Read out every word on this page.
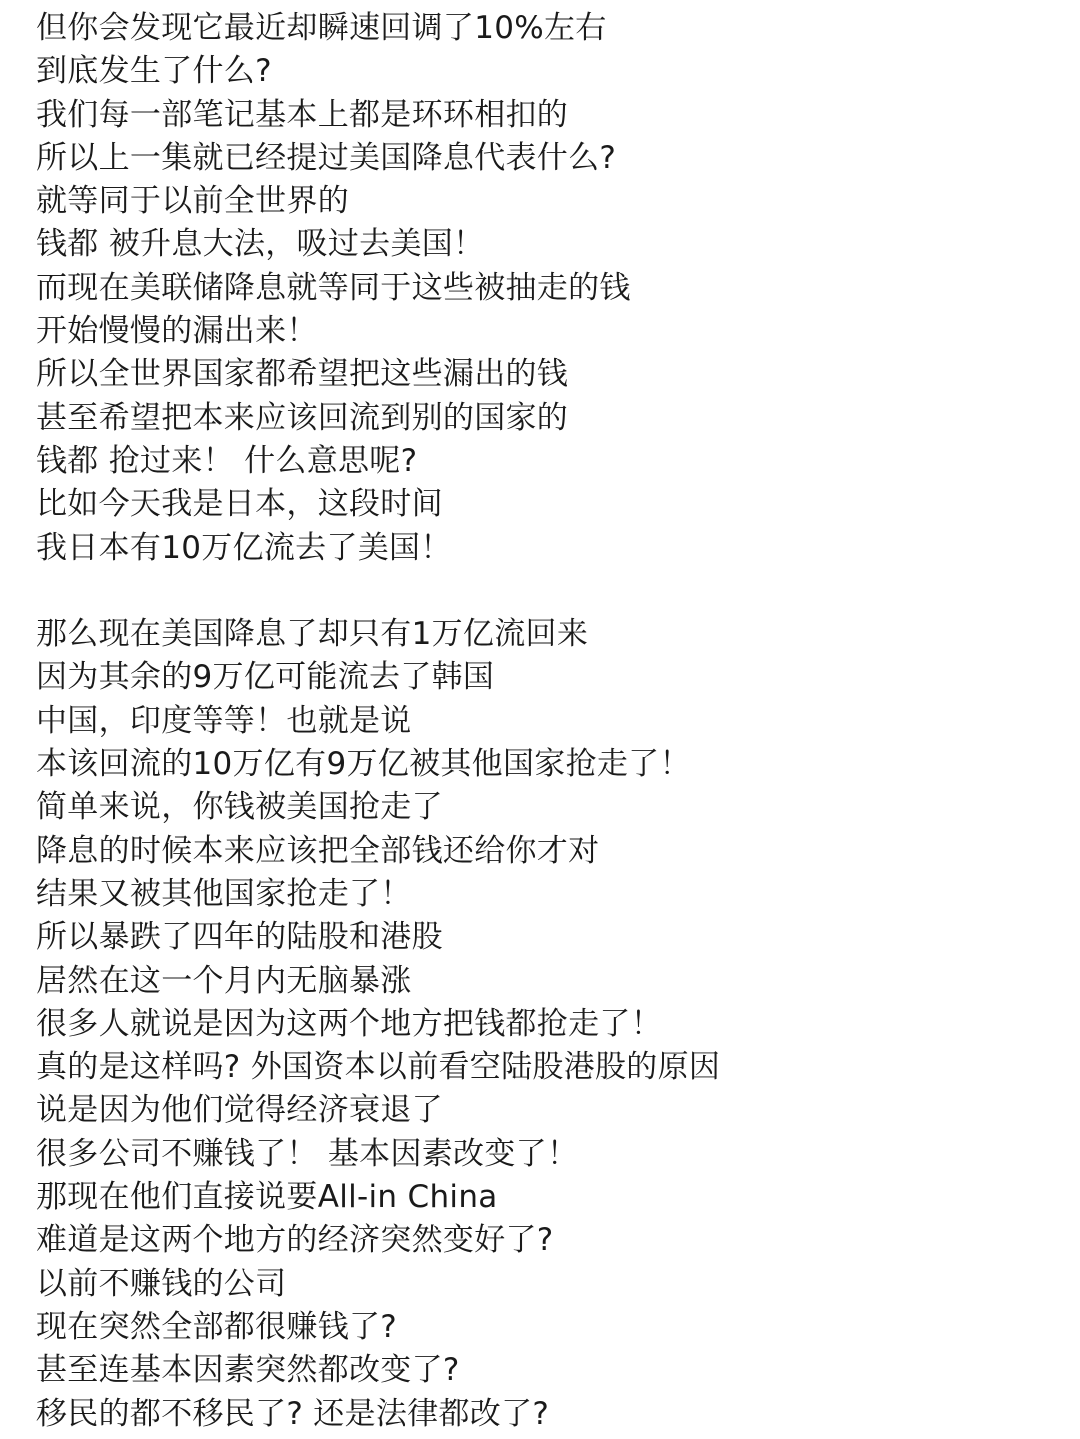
但你会发现它最近却瞬速回调了10%左右
到底发生了什么?
我们每一部笔记基本上都是环环相扣的
所以上一集就已经提过美国降息代表什么?
就等同于以前全世界的
钱都 被升息大法，吸过去美国！
而现在美联储降息就等同于这些被抽走的钱
开始慢慢的漏出来！
所以全世界国家都希望把这些漏出的钱
甚至希望把本来应该回流到别的国家的
钱都 抢过来！ 什么意思呢?
比如今天我是日本，这段时间
我日本有10万亿流去了美国！
那么现在美国降息了却只有1万亿流回来
因为其余的9万亿可能流去了韩国
中国，印度等等！也就是说
本该回流的10万亿有9万亿被其他国家抢走了！
简单来说，你钱被美国抢走了
降息的时候本来应该把全部钱还给你才对
结果又被其他国家抢走了！
所以暴跌了四年的陆股和港股
居然在这一个月内无脑暴涨
很多人就说是因为这两个地方把钱都抢走了！
真的是这样吗? 外国资本以前看空陆股港股的原因
说是因为他们觉得经济衰退了
很多公司不赚钱了！ 基本因素改变了！
那现在他们直接说要All-in China
难道是这两个地方的经济突然变好了?
以前不赚钱的公司
现在突然全部都很赚钱了?
甚至连基本因素突然都改变了?
移民的都不移民了? 还是法律都改了?
